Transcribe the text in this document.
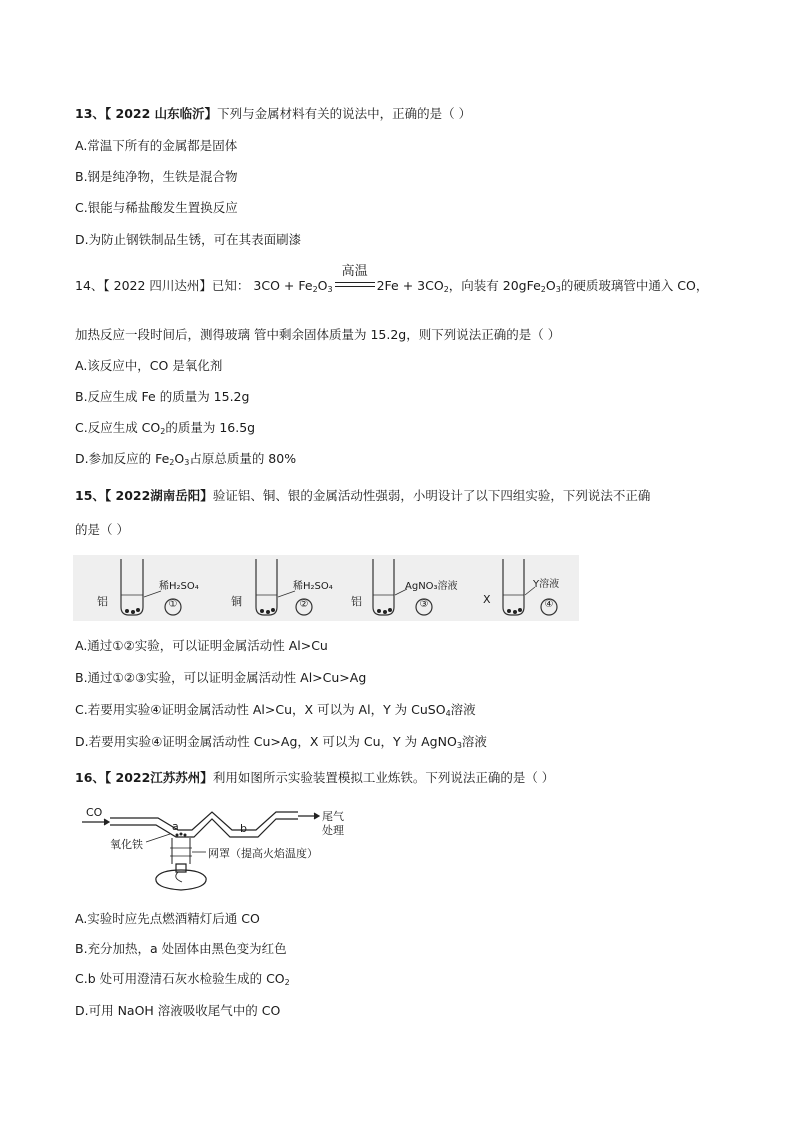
13、【 2022 山东临沂】下列与金属材料有关的说法中，正确的是（ ）
A.常温下所有的金属都是固体
B.钢是纯净物，生铁是混合物
C.银能与稀盐酸发生置换反应
D.为防止钢铁制品生锈，可在其表面刷漆
14、【 2022 四川达州】已知： $3CO + Fe_2O_3$
高温
$2Fe + 3CO_2$，向装有 $20gFe_2O_3$的硬质玻璃管中通入 CO，
加热反应一段时间后，测得玻璃 管中剩余固体质量为 15.2g，则下列说法正确的是（ ）
A.该反应中，CO 是氧化剂
B.反应生成 Fe 的质量为 15.2g
C.反应生成 $CO_2$的质量为 16.5g
D.参加反应的 $Fe_2O_3$占原总质量的 80%
15、【 2022湖南岳阳】验证铝、铜、银的金属活动性强弱，小明设计了以下四组实验，下列说法不正确
的是（ ）
铝
稀H₂SO₄
①	铜
稀H₂SO₄
②	铝
AgNO₃溶液
③	X
Y溶液
④
A.通过①②实验，可以证明金属活动性 Al>Cu
B.通过①②③实验，可以证明金属活动性 Al>Cu>Ag
C.若要用实验④证明金属活动性 Al>Cu，X 可以为 Al，Y 为 CuSO$_4$溶液
D.若要用实验④证明金属活动性 Cu>Ag，X 可以为 Cu，Y 为 AgNO$_3$溶液
16、【 2022江苏苏州】利用如图所示实验装置模拟工业炼铁。下列说法正确的是（ ）
CO
a	b
尾气
处理
氧化铁
网罩（提高火焰温度）
A.实验时应先点燃酒精灯后通 CO
B.充分加热，a 处固体由黑色变为红色
C.b 处可用澄清石灰水检验生成的 $CO_2$
D.可用 NaOH 溶液吸收尾气中的 CO
